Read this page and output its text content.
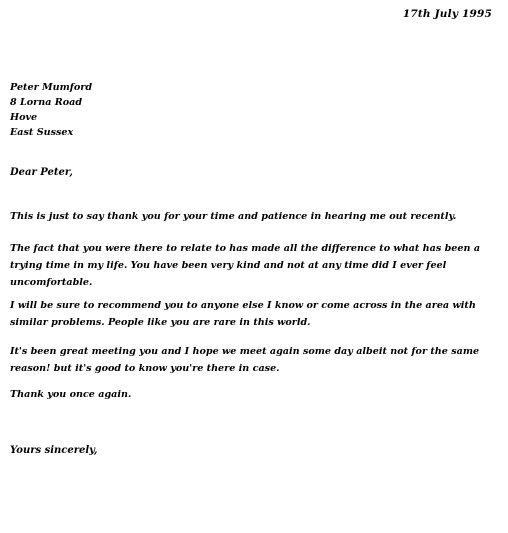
17th July 1995
Peter Mumford
8 Lorna Road
Hove
East Sussex
Dear Peter,
This is just to say thank you for your time and patience in hearing me out recently.
The fact that you were there to relate to has made all the difference to what has been a
trying time in my life. You have been very kind and not at any time did I ever feel
uncomfortable.
I will be sure to recommend you to anyone else I know or come across in the area with
similar problems. People like you are rare in this world.
It's been great meeting you and I hope we meet again some day albeit not for the same
reason! but it's good to know you're there in case.
Thank you once again.
Yours sincerely,
